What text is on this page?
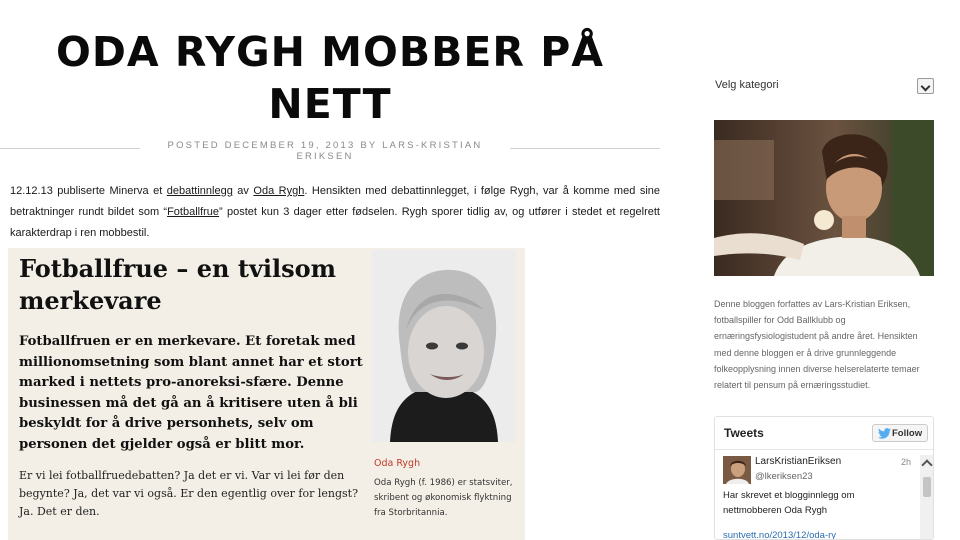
ODA RYGH MOBBER PÅ
NETT
POSTED DECEMBER 19, 2013 BY LARS-KRISTIAN ERIKSEN

12.12.13 publiserte Minerva et debattinnlegg av Oda Rygh. Hensikten med debattinnlegget, i følge Rygh, var å komme med sine betraktninger rundt bildet som “Fotballfrue” postet kun 3 dager etter fødselen. Rygh sporer tidlig av, og utfører i stedet et regelrett karakterdrap i ren mobbestil.

Fotballfrue – en tvilsom merkevare
Fotballfruen er en merkevare. Et foretak med millionomsetning som blant annet har et stort marked i nettets pro-anoreksi-sfære. Denne businessen må det gå an å kritisere uten å bli beskyldt for å drive personhets, selv om personen det gjelder også er blitt mor.
Er vi lei fotballfruedebatten? Ja det er vi. Var vi lei før den begynte? Ja, det var vi også. Er den egentlig over for lengst? Ja. Det er den.
Oda Rygh
Oda Rygh (f. 1986) er statsviter, skribent og økonomisk flyktning fra Storbritannia.
Velg kategori

Denne bloggen forfattes av Lars-Kristian Eriksen, fotballspiller for Odd Ballklubb og ernæringsfysiologistudent på andre året. Hensikten med denne bloggen er å drive grunnleggende folkeopplysning innen diverse helserelaterte temaer relatert til pensum på ernæringsstudiet.

Tweets	Follow
LarsKristianEriksen
@lkeriksen23
2h
Har skrevet et blogginnlegg om nettmobberen Oda Rygh
suntvett.no/2013/12/oda-ry
